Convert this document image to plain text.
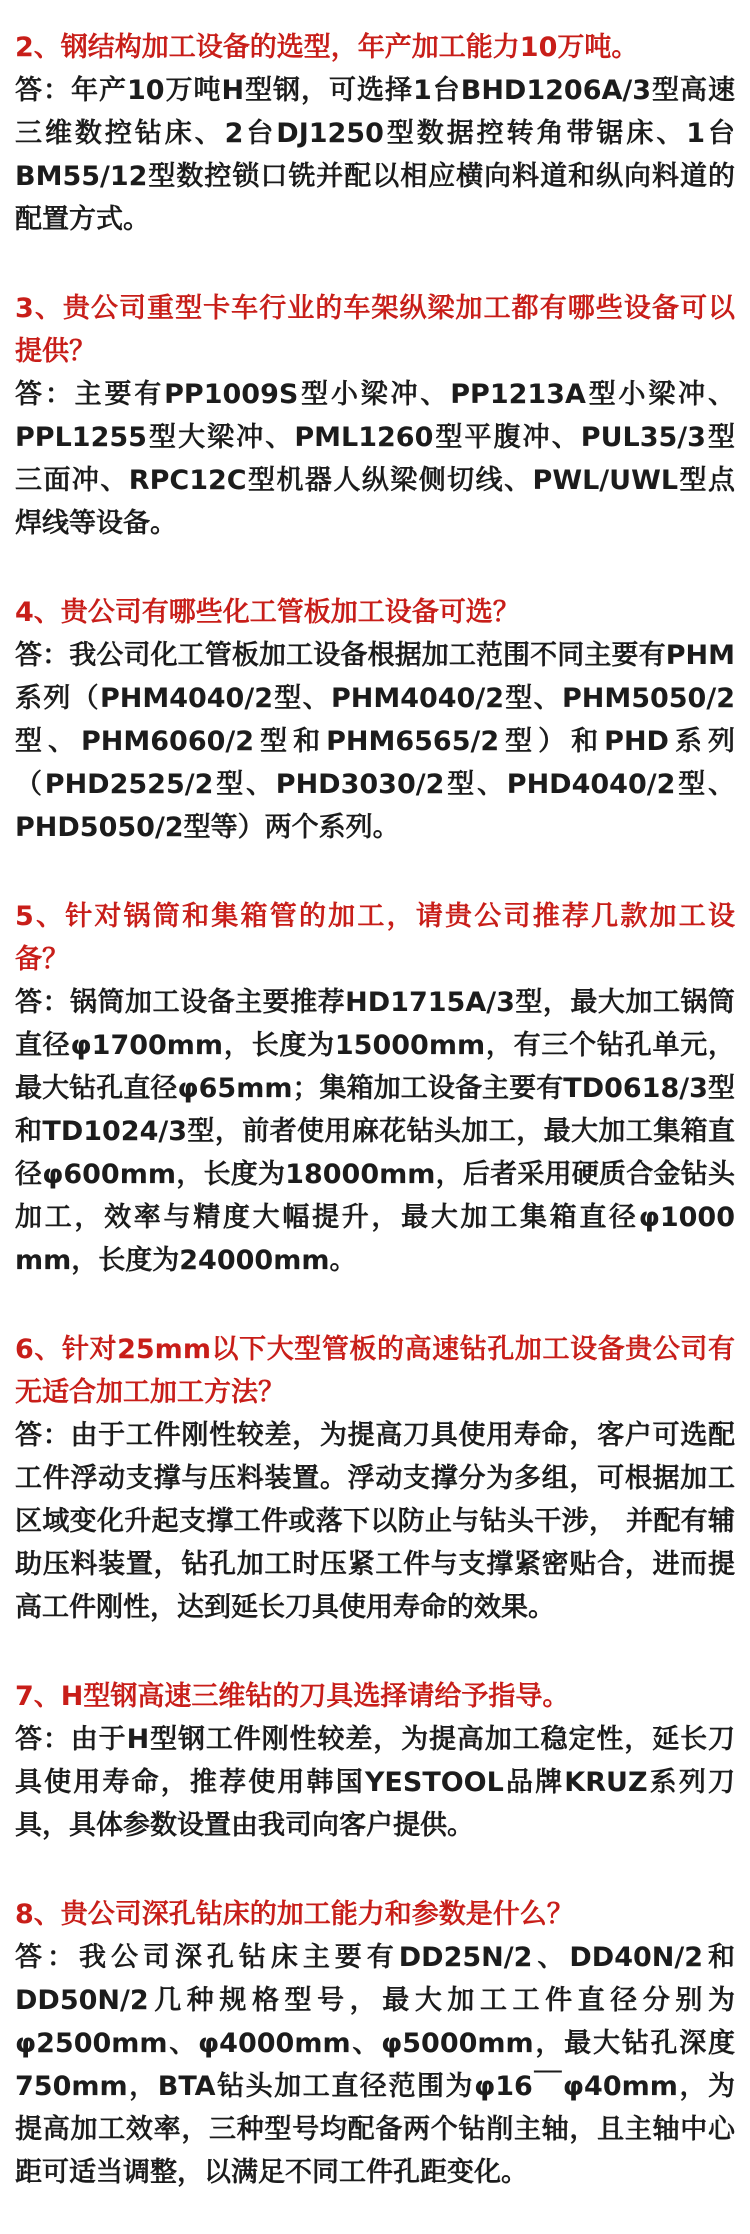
2、钢结构加工设备的选型，年产加工能力10万吨。
答：年产10万吨H型钢，可选择1台BHD1206A/3型高速三维数控钻床、2台DJ1250型数据控转角带锯床、1台BM55/12型数控锁口铣并配以相应横向料道和纵向料道的配置方式。
3、贵公司重型卡车行业的车架纵梁加工都有哪些设备可以提供？
答：主要有PP1009S型小梁冲、PP1213A型小梁冲、PPL1255型大梁冲、PML1260型平腹冲、PUL35/3型三面冲、RPC12C型机器人纵梁侧切线、PWL/UWL型点焊线等设备。
4、贵公司有哪些化工管板加工设备可选？
答：我公司化工管板加工设备根据加工范围不同主要有PHM系列（PHM4040/2型、PHM4040/2型、PHM5050/2型、PHM6060/2型和PHM6565/2型）和PHD系列（PHD2525/2型、PHD3030/2型、PHD4040/2型、PHD5050/2型等）两个系列。
5、针对锅筒和集箱管的加工，请贵公司推荐几款加工设备？
答：锅筒加工设备主要推荐HD1715A/3型，最大加工锅筒直径φ1700mm，长度为15000mm，有三个钻孔单元，最大钻孔直径φ65mm；集箱加工设备主要有TD0618/3型和TD1024/3型，前者使用麻花钻头加工，最大加工集箱直径φ600mm，长度为18000mm，后者采用硬质合金钻头加工，效率与精度大幅提升，最大加工集箱直径φ1000 mm，长度为24000mm。
6、针对25mm以下大型管板的高速钻孔加工设备贵公司有无适合加工加工方法？
答：由于工件刚性较差，为提高刀具使用寿命，客户可选配工件浮动支撑与压料装置。浮动支撑分为多组，可根据加工区域变化升起支撑工件或落下以防止与钻头干涉， 并配有辅助压料装置，钻孔加工时压紧工件与支撑紧密贴合，进而提高工件刚性，达到延长刀具使用寿命的效果。
7、H型钢高速三维钻的刀具选择请给予指导。
答：由于H型钢工件刚性较差，为提高加工稳定性，延长刀具使用寿命，推荐使用韩国YESTOOL品牌KRUZ系列刀具，具体参数设置由我司向客户提供。
8、贵公司深孔钻床的加工能力和参数是什么？
答：我公司深孔钻床主要有DD25N/2、DD40N/2和DD50N/2几种规格型号，最大加工工件直径分别为φ2500mm、φ4000mm、φ5000mm，最大钻孔深度750mm，BTA钻头加工直径范围为φ16￣φ40mm，为提高加工效率，三种型号均配备两个钻削主轴，且主轴中心距可适当调整，以满足不同工件孔距变化。
